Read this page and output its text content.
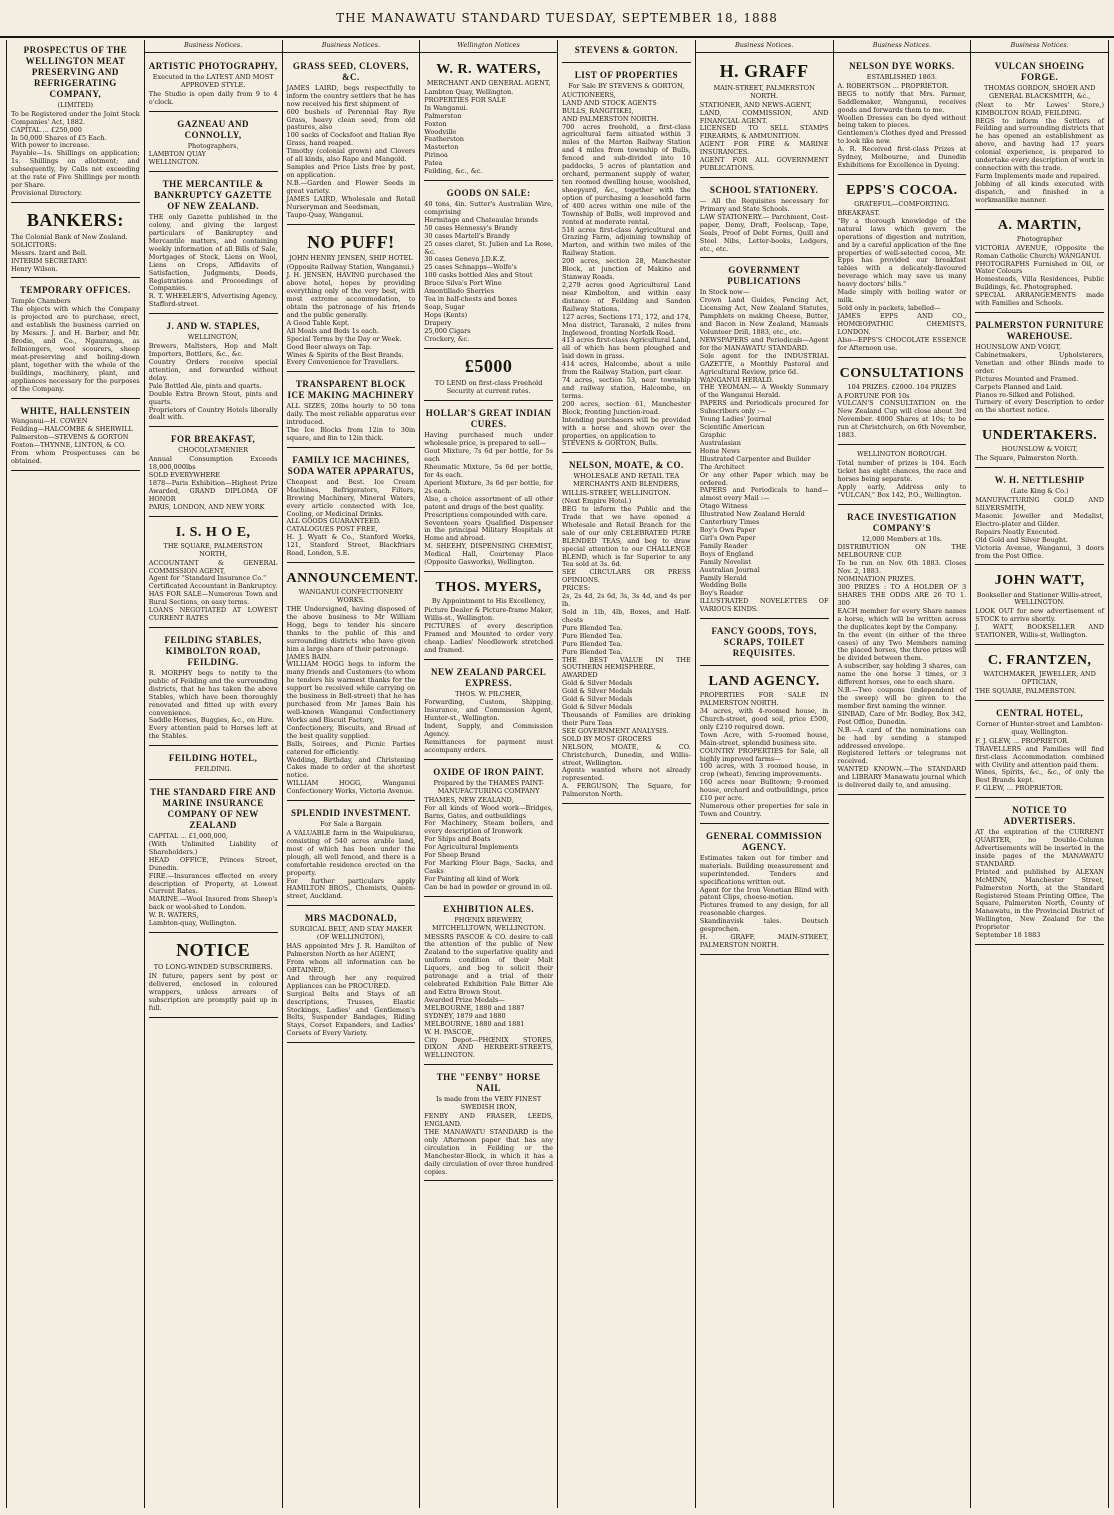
THE MANAWATU STANDARD TUESDAY, SEPTEMBER 18, 1888
PROSPECTUS OF THE WELLINGTON MEAT PRESERVING AND REFRIGERATING COMPANY,
(LIMITED)

To be Registered under the Joint Stock Companies' Act, 1882.

CAPITAL ... £250,000

In 50,000 Shares of £5 Each.

With power to increase.

Payable—1s. Shillings on application; 1s. Shillings on allotment; and subsequently, by Calls not exceeding at the rate of Five Shillings per month per Share.

Provisional Directory.

BANKERS:

The Colonial Bank of New Zealand.

SOLICITORS:

Messrs. Izard and Bell.

INTERIM SECRETARY:

Henry Wilson.

TEMPORARY OFFICES.

Temple Chambers

The objects with which the Company is projected are to purchase, erect, and establish the business carried on by Messrs. J. and H. Barber, and Mr. Brodie, and Co., Ngauranga, as fellmongers, wool scourers, sheep meat-preserving and boiling-down plant, together with the whole of the buildings, machinery, plant, and appliances necessary for the purposes of the Company.

WHITE, HALLENSTEIN

Wanganui—H. COWEN

Feilding—HALCOMBE & SHERWILL

Palmerston—STEVENS & GORTON

Foxton—THYNNE, LINTON, & CO.

From whom Prospectuses can be obtained.

Business Notices.
ARTISTIC PHOTOGRAPHY,
Executed in the LATEST AND MOST APPROVED STYLE.

The Studio is open daily from 9 to 4 o'clock.

GAZNEAU AND CONNOLLY,
Photographers,

LAMBTON QUAY

WELLINGTON.

THE MERCANTILE & BANKRUPTCY GAZETTE OF NEW ZEALAND.

THE only Gazette published in the colony, and giving the largest particulars of Bankruptcy and Mercantile matters, and containing weekly information of all Bills of Sale, Mortgages of Stock, Liens on Wool, Liens on Crops, Affidavits of Satisfaction, Judgments, Deeds, Registrations and Proceedings of Companies.

R. T. WHEELER'S, Advertising Agency, Stafford-street.

J. AND W. STAPLES,
WELLINGTON,

Brewers, Maltsters, Hop and Malt Importers, Bottlers, &c., &c.

Country Orders receive special attention, and forwarded without delay.

Pale Bottled Ale, pints and quarts.

Double Extra Brown Stout, pints and quarts.

Proprietors of Country Hotels liberally dealt with.

FOR BREAKFAST,
CHOCOLAT-MENIER

Annual Consumption Exceeds 18,000,000lbs

SOLD EVERYWHERE

1878—Paris Exhibition—Highest Prize Awarded, GRAND DIPLOMA OF HONOR

PARIS, LONDON, AND NEW YORK

I. S. H O E,
THE SQUARE, PALMERSTON NORTH,

ACCOUNTANT & GENERAL COMMISSION AGENT,

Agent for "Standard Insurance Co."

Certificated Accountant in Bankruptcy.

HAS FOR SALE—Numerous Town and Rural Sections, on easy terms.

LOANS NEGOTIATED AT LOWEST CURRENT RATES

FEILDING STABLES, KIMBOLTON ROAD, FEILDING.

R. MORPHY begs to notify to the public of Feilding and the surrounding districts, that he has taken the above Stables, which have been thoroughly renovated and fitted up with every convenience.

Saddle Horses, Buggies, &c., on Hire.

Every attention paid to Horses left at the Stables.

FEILDING HOTEL,
FEILDING.
THE STANDARD FIRE AND MARINE INSURANCE COMPANY OF NEW ZEALAND

CAPITAL ... £1,000,000,

(With Unlimited Liability of Shareholders.)

HEAD OFFICE, Princes Street, Dunedin.

FIRE.—Insurances effected on every description of Property, at Lowest Current Rates.

MARINE.—Wool Insured from Sheep's back or wool-shed to London.

W. R. WATERS,

Lambton-quay, Wellington.

NOTICE
TO LONG-WINDED SUBSCRIBERS.

IN future, papers sent by post or delivered, enclosed in coloured wrappers, unless arrears of subscription are promptly paid up in full.

Business Notices.
GRASS SEED, CLOVERS, &C.

JAMES LAIRD, begs respectfully to inform the country settlers that he has now received his first shipment of

600 bushels of Perennial Ray Rye Grass, heavy clean seed, from old pastures, also

100 sacks of Cocksfoot and Italian Rye Grass, hand reaped.

Timothy (colonial grown) and Clovers of all kinds, also Rape and Mangold.

Samples and Price Lists free by post, on application.

N.B.—Garden and Flower Seeds in great variety.

JAMES LAIRD, Wholesale and Retail Nurseryman and Seedsman,

Taupo-Quay, Wanganui.

NO PUFF!
JOHN HENRY JENSEN, SHIP HOTEL

(Opposite Railway Station, Wanganui.)

J. H. JENSEN, HAVING purchased the above hotel, hopes by providing everything only of the very best, with most extreme accommodation, to obtain the patronage of his friends and the public generally.

A Good Table Kept.

All Meals and Beds 1s each.

Special Terms by the Day or Week.

Good Beer always on Tap.

Wines & Spirits of the Best Brands.

Every Convenience for Travellers.

TRANSPARENT BLOCK ICE MAKING MACHINERY

ALL SIZES, 20lbs hourly to 50 tons daily. The most reliable apparatus ever introduced.

The Ice Blocks from 12in to 30in square, and 8in to 12in thick.

FAMILY ICE MACHINES, SODA WATER APPARATUS,

Cheapest and Best. Ice Cream Machines, Refrigerators, Filters, Brewing Machinery, Mineral Waters, every article connected with Ice, Cooling, or Medicinal Drinks.

ALL GOODS GUARANTEED.

CATALOGUES POST FREE,

H. J. Wyatt & Co., Stanford Works, 121, Stanford Street, Blackfriars Road, London, S.E.

ANNOUNCEMENT.
WANGANUI CONFECTIONERY WORKS.

THE Undersigned, having disposed of the above business to Mr William Hogg, begs to tender his sincere thanks to the public of this and surrounding districts who have given him a large share of their patronage.

JAMES BAIN.

WILLIAM HOGG begs to inform the many friends and Customers (to whom he tenders his warmest thanks for the support he received while carrying on the business in Bell-street) that he has purchased from Mr James Bain his well-known Wanganui Confectionery Works and Biscuit Factory,

Confectionery, Biscuits, and Bread of the best quality supplied.

Balls, Soirees, and Picnic Parties catered for efficiently.

Wedding, Birthday, and Christening Cakes made to order at the shortest notice.

WILLIAM HOGG, Wanganui Confectionery Works, Victoria Avenue.

SPLENDID INVESTMENT.
For Sale a Bargain

A VALUABLE farm in the Waipukurau, consisting of 540 acres arable land, most of which has been under the plough, all well fenced, and there is a comfortable residence erected on the property.

For further particulars apply HAMILTON BROS., Chemists, Queen-street, Auckland.

MRS MACDONALD,
SURGICAL BELT, AND STAY MAKER (OF WELLINGTON),

HAS appointed Mrs J. R. Hamilton of Palmerston North as her AGENT,

From whom all information can be OBTAINED,

And through her any required Appliances can be PROCURED.

Surgical Belts and Stays of all descriptions, Trusses, Elastic Stockings, Ladies' and Gentlemen's Belts, Suspender Bandages, Riding Stays, Corset Expanders, and Ladies' Corsets of Every Variety.

Wellington Notices
W. R. WATERS,
MERCHANT AND GENERAL AGENT,

Lambton Quay, Wellington.

PROPERTIES FOR SALE

In Wanganui.

Palmerston

Foxton

Woodville

Featherston

Masterton

Pirinoa

Patea

Feilding, &c., &c.

GOODS ON SALE:

40 tons, 4in. Sutter's Australian Wire, comprising

Hermitage and Chateaulac brands

50 cases Hennessy's Brandy

30 cases Martell's Brandy

25 cases claret, St. Julien and La Rose, &c.

30 cases Geneva J.D.K.Z.

25 cases Schnapps—Wolfe's

100 casks bottled Ales and Stout

Bruce Silva's Port Wine

Amontillado Sherries

Tea in half-chests and boxes

Soap, Sugar

Hops (Kents)

Drapery

25,000 Cigars

Crockery, &c.

£5000
TO LEND on first-class Freehold Security at current rates.
HOLLAR'S GREAT INDIAN CURES.

Having purchased much under wholesale price, is prepared to sell—

Gout Mixture, 7s 6d per bottle, for 5s each

Rheumatic Mixture, 5s 6d per bottle, for 4s each.

Aperient Mixture, 3s 6d per bottle, for 2s each.

Also, a choice assortment of all other patent and drugs of the best quality.

Prescriptions compounded with care.

Seventeen years Qualified Dispenser in the principal Military Hospitals at Home and abroad.

M. SHEEHY, DISPENSING CHEMIST, Medical Hall, Courtenay Place (Opposite Gasworks), Wellington.

THOS. MYERS,
By Appointment to His Excellency,

Picture Dealer & Picture-frame Maker, Willis-st., Wellington.

PICTURES of every description Framed and Mounted to order very cheap. Ladies' Needlework stretched and framed.

NEW ZEALAND PARCEL EXPRESS.
THOS. W. PILCHER,

Forwarding, Custom, Shipping, Insurance, and Commission Agent, Hunter-st., Wellington.

Indent, Supply, and Commission Agency.

Remittances for payment must accompany orders.

OXIDE OF IRON PAINT.
Prepared by the THAMES PAINT-MANUFACTURING COMPANY

THAMES, NEW ZEALAND,

For all kinds of Wood work—Bridges, Barns, Gates, and outbuildings

For Machinery, Steam boilers, and every description of Ironwork

For Ships and Boats

For Agricultural Implements

For Sheep Brand

For Marking Flour Bags, Sacks, and Casks

For Painting all kind of Work

Can be had in powder or ground in oil.

EXHIBITION ALES.
PHŒNIX BREWERY, MITCHELLTOWN, WELLINGTON.

MESSRS PASCOE & CO. desire to call the attention of the public of New Zealand to the superlative quality and uniform condition of their Malt Liquors, and beg to solicit their patronage and a trial of their celebrated Exhibition Pale Bitter Ale and Extra Brown Stout.

Awarded Prize Medals—

MELBOURNE, 1880 and 1887

SYDNEY, 1879 and 1880

MELBOURNE, 1880 and 1881

W. H. PASCOE,

City Depot—PHŒNIX STORES, DIXON AND HERBERT-STREETS, WELLINGTON.

THE "FENBY" HORSE NAIL
Is made from the VERY FINEST SWEDISH IRON,

FENBY AND FRASER, LEEDS, ENGLAND.

THE MANAWATU STANDARD is the only Afternoon paper that has any circulation in Feilding or the Manchester-Block, in which it has a daily circulation of over three hundred copies.

STEVENS & GORTON.
LIST OF PROPERTIES
For Sale BY STEVENS & GORTON,

AUCTIONEERS,

LAND AND STOCK AGENTS

BULLS, RANGITIKEI,

AND PALMERSTON NORTH.

700 acres freehold, a first-class agricultural farm situated within 3 miles of the Marton Railway Station and 4 miles from township of Bulls, fenced and sub-divided into 10 paddocks, 5 acres of plantation and orchard, permanent supply of water, ten roomed dwelling house, woolshed, sheepyard, &c., together with the option of purchasing a leasehold farm of 400 acres within one mile of the Township of Bulls, well improved and rented at moderate rental.

518 acres first-class Agricultural and Grazing Farm, adjoining township of Marton, and within two miles of the Railway Station.

200 acres, section 28, Manchester Block, at junction of Makino and Stanway Roads.

2,279 acres good Agricultural Land near Kimbolton, and within easy distance of Feilding and Sandon Railway Stations.

127 acres, Sections 171, 172, and 174, Moa district, Taranaki, 2 miles from Inglewood, fronting Norfolk Road.

413 acres first-class Agricultural Land, all of which has been ploughed and laid down in grass.

414 acres, Halcombe, about a mile from the Railway Station, part clear.

74 acres, section 53, near township and railway station, Halcombe, on terms.

200 acres, section 61, Manchester Block, fronting Junction-road.

Intending purchasers will be provided with a horse and shown over the properties, on application to

STEVENS & GORTON, Bulls.

NELSON, MOATE, & CO.
WHOLESALE AND RETAIL TEA MERCHANTS AND BLENDERS,

WILLIS-STREET, WELLINGTON.

(Next Empire Hotel.)

BEG to inform the Public and the Trade that we have opened a Wholesale and Retail Branch for the sale of our only CELEBRATED PURE BLENDED TEAS, and beg to draw special attention to our CHALLENGE BLEND, which is far Superior to any Tea sold at 3s. 6d.

SEE CIRCULARS OR PRESS OPINIONS.

PRICES:

2s, 2s 4d, 2s 6d, 3s, 3s 4d, and 4s per lb.

Sold in 1lb, 4lb, Boxes, and Half-chests

Pure Blended Tea.

Pure Blended Tea.

Pure Blended Tea.

Pure Blended Tea.

THE BEST VALUE IN THE SOUTHERN HEMISPHERE.

AWARDED

Gold & Silver Medals

Gold & Silver Medals

Gold & Silver Medals

Gold & Silver Medals

Thousands of Families are drinking their Pure Teas

SEE GOVERNMENT ANALYSIS.

SOLD BY MOST GROCERS

NELSON, MOATE, & CO. Christchurch, Dunedin, and Willis-street, Wellington.

Agents wanted where not already represented.

A. FERGUSON, The Square, for Palmerston North.

Business Notices.
H. GRAFF
MAIN-STREET, PALMERSTON NORTH.

STATIONER, AND NEWS-AGENT,

LAND, COMMISSION, AND FINANCIAL AGENT.

LICENSED TO SELL STAMPS FIREARMS, & AMMUNITION.

AGENT FOR FIRE & MARINE INSURANCES.

AGENT FOR ALL GOVERNMENT PUBLICATIONS.

SCHOOL STATIONERY.

— All the Requisites necessary for Primary and State Schools.

LAW STATIONERY.— Parchment, Cost-paper, Demy, Draft, Foolscap, Tape, Seals, Proof of Debt Forms, Quill and Steel Nibs, Letter-books, Ledgers, etc., etc.

GOVERNMENT PUBLICATIONS

In Stock now—

Crown Land Guides, Fencing Act, Licensing Act, New Zealand Statutes, Pamphlets on making Cheese, Butter, and Bacon in New Zealand, Manuals Volunteer Drill, 1883, etc., etc.

NEWSPAPERS and Periodicals—Agent for the MANAWATU STANDARD.

Sole agent for the INDUSTRIAL GAZETTE, a Monthly Pastoral and Agricultural Review, price 6d.

WANGANUI HERALD.

THE YEOMAN.— A Weekly Summary of the Wanganui Herald.

PAPERS and Periodicals procured for Subscribers only :—

Young Ladies' Journal

Scientific American

Graphic

Australasian

Home News

Illustrated Carpenter and Builder

The Architect

Or any other Paper which may be ordered.

PAPERS and Periodicals to hand—almost every Mail :—

Otago Witness

Illustrated New Zealand Herald

Canterbury Times

Boy's Own Paper

Girl's Own Paper

Family Reader

Boys of England

Family Novelist

Australian Journal

Family Herald

Wedding Bells

Boy's Reader

ILLUSTRATED NOVELETTES OF VARIOUS KINDS.

FANCY GOODS, TOYS, SCRAPS, TOILET REQUISITES.
LAND AGENCY.

PROPERTIES FOR SALE IN PALMERSTON NORTH.

34 acres, with 4-roomed house, in Church-street, good soil, price £500, only £210 required down.

Town Acre, with 5-roomed house, Main-street, splendid business site.

COUNTRY PROPERTIES for Sale, all highly improved farms—

100 acres, with 3 roomed house, in crop (wheat), fencing improvements.

160 acres near Bulltown; 9-roomed house, orchard and outbuildings, price £10 per acre.

Numerous other properties for sale in Town and Country.

GENERAL COMMISSION AGENCY.

Estimates taken out for timber and materials. Building measurement and superintended. Tenders and specifications written out.

Agent for the Iron Venetian Blind with patent Clips, cheese-motion.

Pictures framed to any design, for all reasonable charges.

Skandinavisk tales. Deutsch gesprochen.

H. GRAFF, MAIN-STREET, PALMERSTON NORTH.

Business Notices.
NELSON DYE WORKS.
ESTABLISHED 1863.

A. ROBERTSON ... PROPRIETOR.

BEGS to notify that Mrs. Farmer, Saddlemaker, Wanganui, receives goods and forwards them to me.

Woollen Dresses can be dyed without being taken to pieces.

Gentlemen's Clothes dyed and Pressed to look like new.

A. R. Received first-class Prizes at Sydney, Melbourne, and Dunedin Exhibitions for Excellence in Dyeing.

EPPS'S COCOA.
GRATEFUL—COMFORTING.

BREAKFAST.

"By a thorough knowledge of the natural laws which govern the operations of digestion and nutrition, and by a careful application of the fine properties of well-selected cocoa, Mr. Epps has provided our breakfast tables with a delicately-flavoured beverage which may save us many heavy doctors' bills."

Made simply with boiling water or milk.

Sold only in packets, labelled—

JAMES EPPS AND CO., HOMŒOPATHIC CHEMISTS, LONDON.

Also—EPPS'S CHOCOLATE ESSENCE for Afternoon use.

CONSULTATIONS
104 PRIZES. £2000. 104 PRIZES

A FORTUNE FOR 10s

VULCAN'S CONSULTATION on the New Zealand Cup will close about 3rd November. 4000 Shares at 10s; to be run at Christchurch, on 6th November, 1883.

WELLINGTON BOROUGH.

Total number of prizes is 104. Each ticket has eight chances, the race and horses being separate.

Apply early, Address only to "VULCAN," Box 142, P.O., Wellington.

RACE INVESTIGATION COMPANY'S
12,000 Members at 10s.

DISTRIBUTION ON THE MELBOURNE CUP.

To be run on Nov. 6th 1883. Closes Nov. 2, 1883.

NOMINATION PRIZES.

300 PRIZES : TO A HOLDER OF 3 SHARES THE ODDS ARE 26 TO 1. 300

EACH member for every Share names a horse, which will be written across the duplicates kept by the Company.

In the event (in either of the three cases) of any Two Members naming the placed horses, the three prizes will be divided between them.

A subscriber, say holding 3 shares, can name the one horse 3 times, or 3 different horses, one to each share.

N.B.—Two coupons (independent of the sweep) will be given to the member first naming the winner.

SINBAD, Care of Mr. Bodley, Box 342, Post Office, Dunedin.

N.B.—A card of the nominations can be had by sending a stamped addressed envelope.

Registered letters or telegrams not received.

WANTED KNOWN.—The STANDARD and LIBRARY Manawatu journal which is delivered daily to, and amusing.

Business Notices.
VULCAN SHOEING FORGE.
THOMAS GORDON, SHOER AND GENERAL BLACKSMITH, &c.,

(Next to Mr Lowes' Store,) KIMBOLTON ROAD, FEILDING.

BEGS to inform the Settlers of Feilding and surrounding districts that he has opened an establishment as above, and having had 17 years colonial experience, is prepared to undertake every description of work in connection with the trade.

Farm Implements made and repaired.

Jobbing of all kinds executed with dispatch, and finished in a workmanlike manner.

A. MARTIN,
Photographer

VICTORIA AVENUE, (Opposite the Roman Catholic Church) WANGANUI.

PHOTOGRAPHS Furnished in Oil, or Water Colours

Homesteads, Villa Residences, Public Buildings, &c. Photographed.

SPECIAL ARRANGEMENTS made with Families and Schools.

PALMERSTON FURNITURE WAREHOUSE.

HOUNSLOW AND VOIGT,

Cabinetmakers, Upholsterers, Venetian and other Blinds made to order.

Pictures Mounted and Framed.

Carpets Planned and Laid.

Pianos re-Silked and Polished.

Turnery of every Description to order on the shortest notice.

UNDERTAKERS.
HOUNSLOW & VOIGT,

The Square, Palmerston North.

W. H. NETTLESHIP
(Late King & Co.)

MANUFACTURING GOLD AND SILVERSMITH,

Masonic Jeweller and Medalist, Electro-plater and Gilder.

Repairs Neatly Executed.

Old Gold and Silver Bought.

Victoria Avenue, Wanganui, 3 doors from the Post Office.

JOHN WATT,
Bookseller and Stationer Willis-street, WELLINGTON.

LOOK OUT for new advertisement of STOCK to arrive shortly.

J. WATT, BOOKSELLER AND STATIONER, Willis-st, Wellington.

C. FRANTZEN,
WATCHMAKER, JEWELLER, AND OPTICIAN,

THE SQUARE, PALMERSTON.

CENTRAL HOTEL,
Corner of Hunter-street and Lambton-quay, Wellington.

F. J. GLEW, ... PROPRIETOR.

TRAVELLERS and Families will find first-class Accommodation combined with Civility and attention paid them.

Wines, Spirits, &c., &c., of only the Best Brands kept.

F. GLEW, ... PROPRIETOR.

NOTICE TO ADVERTISERS.

AT the expiration of the CURRENT QUARTER, no Double-Column Advertisements will be inserted in the inside pages of the MANAWATU STANDARD.

Printed and published by ALEXAN McMINN, Manchester Street, Palmerston North, at the Standard Registered Steam Printing Office, The Square, Palmerston North, County of Manawatu, in the Provincial District of Wellington, New Zealand for the Proprietor

September 18 1883
